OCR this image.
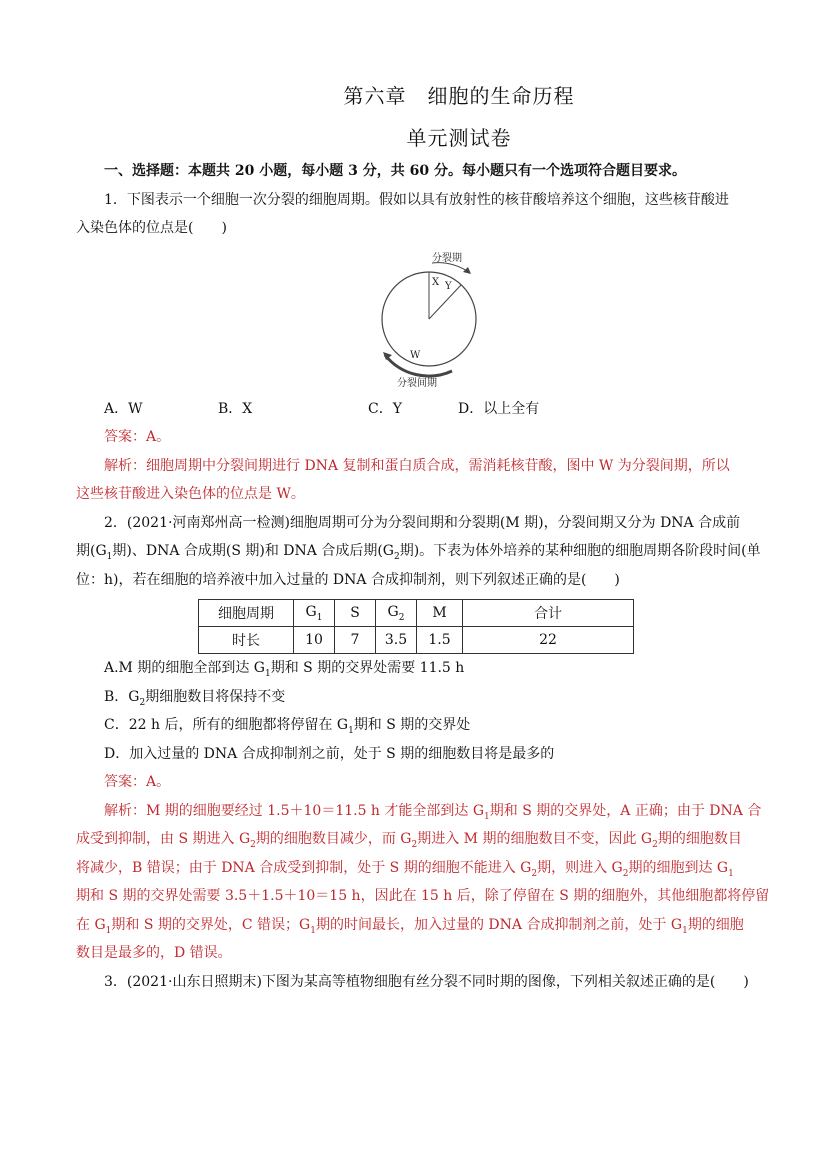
第六章　细胞的生命历程
单元测试卷
一、选择题：本题共 20 小题，每小题 3 分，共 60 分。每小题只有一个选项符合题目要求。
1．下图表示一个细胞一次分裂的细胞周期。假如以具有放射性的核苷酸培养这个细胞，这些核苷酸进
入染色体的位点是(　　)
分裂期
X Y
W
分裂间期
A．W	B．X	C．Y	D．以上全有
答案：A。
解析：细胞周期中分裂间期进行 DNA 复制和蛋白质合成，需消耗核苷酸，图中 W 为分裂间期，所以
这些核苷酸进入染色体的位点是 W。
2．(2021·河南郑州高一检测)细胞周期可分为分裂间期和分裂期(M 期)，分裂间期又分为 DNA 合成前
期($G_1$期)、DNA 合成期(S 期)和 DNA 合成后期($G_2$期)。下表为体外培养的某种细胞的细胞周期各阶段时间(单
位：h)，若在细胞的培养液中加入过量的 DNA 合成抑制剂，则下列叙述正确的是(　　)
细胞周期	$G_1$	S	$G_2$	M	合计
时长	10	7	3.5	1.5	22
A.M 期的细胞全部到达 $G_1$期和 S 期的交界处需要 11.5 h
B．$G_2$期细胞数目将保持不变
C．22 h 后，所有的细胞都将停留在 $G_1$期和 S 期的交界处
D．加入过量的 DNA 合成抑制剂之前，处于 S 期的细胞数目将是最多的
答案：A。
解析：M 期的细胞要经过 1.5＋10＝11.5 h 才能全部到达 $G_1$期和 S 期的交界处，A 正确；由于 DNA 合
成受到抑制，由 S 期进入 $G_2$期的细胞数目减少，而 $G_2$期进入 M 期的细胞数目不变，因此 $G_2$期的细胞数目
将减少，B 错误；由于 DNA 合成受到抑制，处于 S 期的细胞不能进入 $G_2$期，则进入 $G_2$期的细胞到达 $G_1$
期和 S 期的交界处需要 3.5＋1.5＋10＝15 h，因此在 15 h 后，除了停留在 S 期的细胞外，其他细胞都将停留
在 $G_1$期和 S 期的交界处，C 错误；$G_1$期的时间最长，加入过量的 DNA 合成抑制剂之前，处于 $G_1$期的细胞
数目是最多的，D 错误。
3．(2021·山东日照期末)下图为某高等植物细胞有丝分裂不同时期的图像，下列相关叙述正确的是(　　)
